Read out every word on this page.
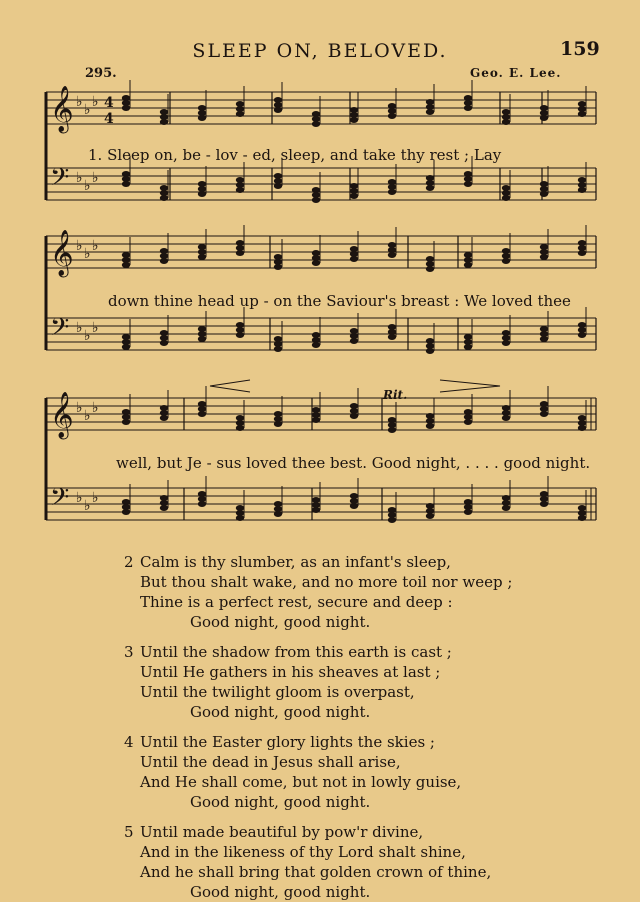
SLEEP ON, BELOVED.	159
295.	Geo. E. Lee.
𝄞 ♭ ♭ ♭
𝄢 ♭ ♭ ♭
4
4
𝄞 ♭ ♭ ♭
𝄢 ♭ ♭ ♭
𝄞 ♭ ♭ ♭
𝄢 ♭ ♭ ♭
1. Sleep on, be - lov - ed, sleep, and take thy rest ; Lay
down thine head up - on the Saviour's breast : We loved thee
well, but Je - sus loved thee best. Good night, . . . . good night.
Rit.
2 Calm is thy slumber, as an infant's sleep,
But thou shalt wake, and no more toil nor weep ;
Thine is a perfect rest, secure and deep :
Good night, good night.
3 Until the shadow from this earth is cast ;
Until He gathers in his sheaves at last ;
Until the twilight gloom is overpast,
Good night, good night.
4 Until the Easter glory lights the skies ;
Until the dead in Jesus shall arise,
And He shall come, but not in lowly guise,
Good night, good night.
5 Until made beautiful by pow'r divine,
And in the likeness of thy Lord shalt shine,
And he shall bring that golden crown of thine,
Good night, good night.
